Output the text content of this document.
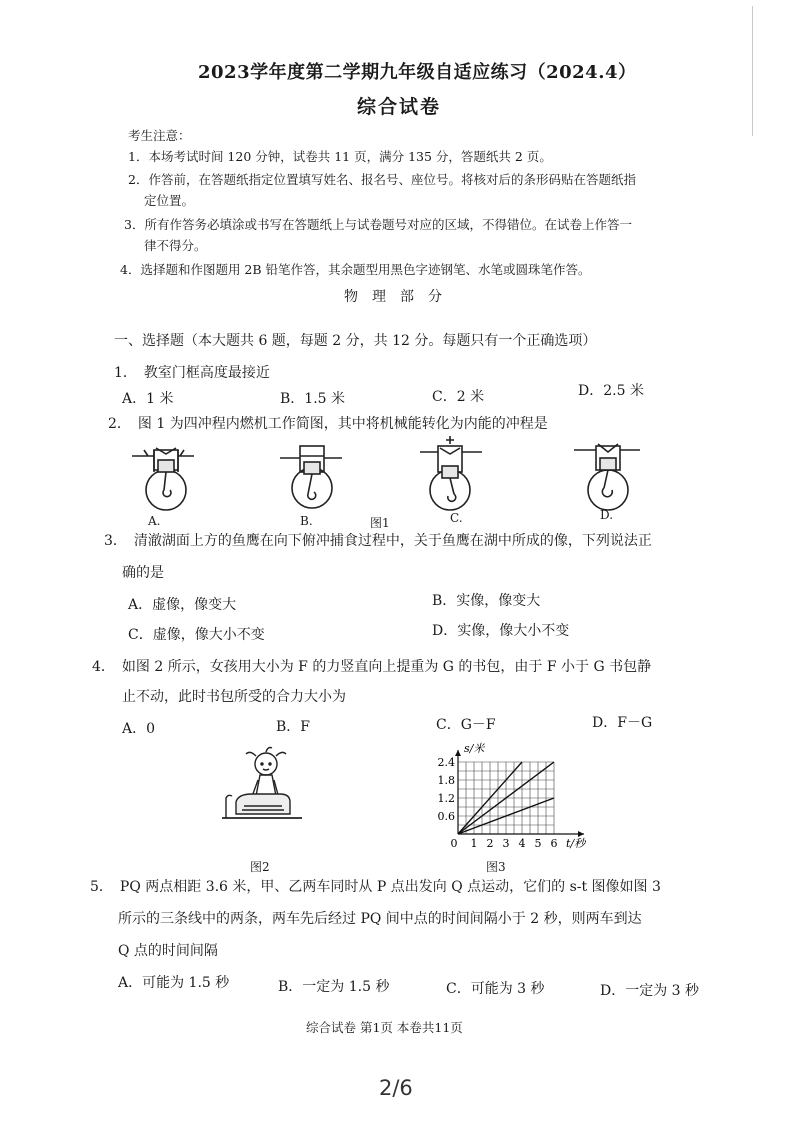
2023学年度第二学期九年级自适应练习（2024.4）
综合试卷
考生注意：
1．本场考试时间 120 分钟，试卷共 11 页，满分 135 分，答题纸共 2 页。
2．作答前，在答题纸指定位置填写姓名、报名号、座位号。将核对后的条形码贴在答题纸指
定位置。
3．所有作答务必填涂或书写在答题纸上与试卷题号对应的区域，不得错位。在试卷上作答一
律不得分。
4．选择题和作图题用 2B 铅笔作答，其余题型用黑色字迹钢笔、水笔或圆珠笔作答。
物理部分
一、选择题（本大题共 6 题，每题 2 分，共 12 分。每题只有一个正确选项）
1．　教室门框高度最接近
A．1 米	B．1.5 米	C．2 米	D．2.5 米
2．　图 1 为四冲程内燃机工作简图，其中将机械能转化为内能的冲程是
A.	B.	图1	C.	D.
3．　清澈湖面上方的鱼鹰在向下俯冲捕食过程中，关于鱼鹰在湖中所成的像，下列说法正
确的是
A．虚像，像变大	B．实像，像变大
C．虚像，像大小不变	D．实像，像大小不变
4．　如图 2 所示，女孩用大小为 F 的力竖直向上提重为 G 的书包，由于 F 小于 G 书包静
止不动，此时书包所受的合力大小为
A．0	B．F	C．G－F	D．F－G
图2
0 1 2 3 4 5 6
0.6
1.2
1.8
2.4
s/米
t/秒
图3
5．　PQ 两点相距 3.6 米，甲、乙两车同时从 P 点出发向 Q 点运动，它们的 s-t 图像如图 3
所示的三条线中的两条，两车先后经过 PQ 间中点的时间间隔小于 2 秒，则两车到达
Q 点的时间间隔
A．可能为 1.5 秒	B．一定为 1.5 秒	C．可能为 3 秒	D．一定为 3 秒
综合试卷 第1页 本卷共11页
2/6
